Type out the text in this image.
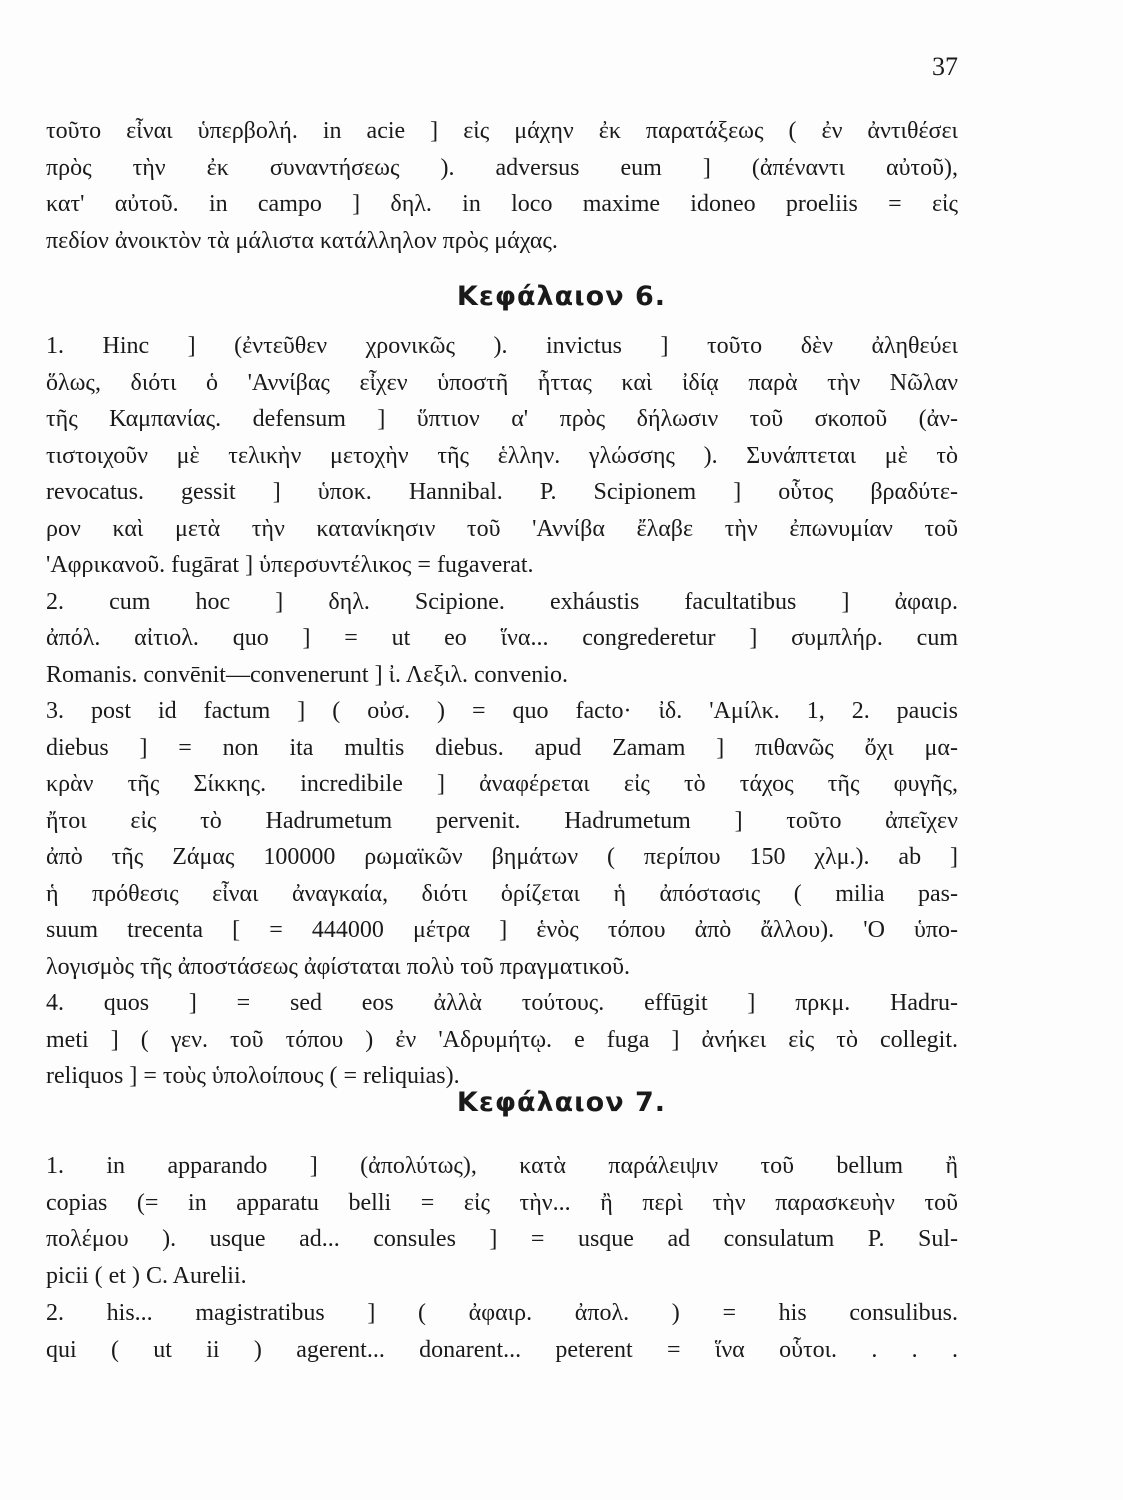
37
τοῦτο εἶναι ὑπερβολή. in acie ] εἰς μάχην ἐκ παρατάξεως ( ἐν ἀντιθέσει
πρὸς τὴν ἐκ συναντήσεως ). adversus eum ] (ἀπέναντι αὐτοῦ),
κατ' αὐτοῦ. in campo ] δηλ. in loco maxime idoneo proeliis = εἰς
πεδίον ἀνοικτὸν τὰ μάλιστα κατάλληλον πρὸς μάχας.
Κεφάλαιον 6.
1. Hinc ] (ἐντεῦθεν χρονικῶς ). invictus ] τοῦτο δὲν ἀληθεύει
ὅλως, διότι ὁ 'Αννίβας εἶχεν ὑποστῆ ἧττας καὶ ἰδίᾳ παρὰ τὴν Νῶλαν
τῆς Καμπανίας. defensum ] ὕπτιον α' πρὸς δήλωσιν τοῦ σκοποῦ (ἀν-
τιστοιχοῦν μὲ τελικὴν μετοχὴν τῆς ἑλλην. γλώσσης ). Συνάπτεται μὲ τὸ
revocatus. gessit ] ὑποκ. Hannibal. P. Scipionem ] οὗτος βραδύτε-
ρον καὶ μετὰ τὴν κατανίκησιν τοῦ 'Αννίβα ἔλαβε τὴν ἐπωνυμίαν τοῦ
'Αφρικανοῦ. fugārat ] ὑπερσυντέλικος = fugaverat.
2. cum hoc ] δηλ. Scipione. exháustis facultatibus ] ἀφαιρ.
ἀπόλ. αἰτιολ. quo ] = ut eo ἵνα... congrederetur ] συμπλήρ. cum
Romanis. convēnit—convenerunt ] ἰ. Λεξιλ. convenio.
3. post id factum ] ( οὐσ. ) = quo facto· ἰδ. 'Αμίλκ. 1, 2. paucis
diebus ] = non ita multis diebus. apud Zamam ] πιθανῶς ὄχι μα-
κρὰν τῆς Σίκκης. incredibile ] ἀναφέρεται εἰς τὸ τάχος τῆς φυγῆς,
ἤτοι εἰς τὸ Hadrumetum pervenit. Hadrumetum ] τοῦτο ἀπεῖχεν
ἀπὸ τῆς Ζάμας 100000 ρωμαϊκῶν βημάτων ( περίπου 150 χλμ.). ab ]
ἡ πρόθεσις εἶναι ἀναγκαία, διότι ὁρίζεται ἡ ἀπόστασις ( milia pas-
suum trecenta [ = 444000 μέτρα ] ἑνὸς τόπου ἀπὸ ἄλλου). 'Ο ὑπο-
λογισμὸς τῆς ἀποστάσεως ἀφίσταται πολὺ τοῦ πραγματικοῦ.
4. quos ] = sed eos ἀλλὰ τούτους. effūgit ] πρκμ. Hadru-
meti ] ( γεν. τοῦ τόπου ) ἐν 'Αδρυμήτῳ. e fuga ] ἀνήκει εἰς τὸ collegit.
reliquos ] = τοὺς ὑπολοίπους ( = reliquias).
Κεφάλαιον 7.
1. in apparando ] (ἀπολύτως), κατὰ παράλειψιν τοῦ bellum ἢ
copias (= in apparatu belli = εἰς τὴν... ἢ περὶ τὴν παρασκευὴν τοῦ
πολέμου ). usque ad... consules ] = usque ad consulatum P. Sul-
picii ( et ) C. Aurelii.
2. his... magistratibus ] ( ἀφαιρ. ἀπολ. ) = his consulibus.
qui ( ut ii ) agerent... donarent... peterent = ἵνα οὗτοι. . . .
